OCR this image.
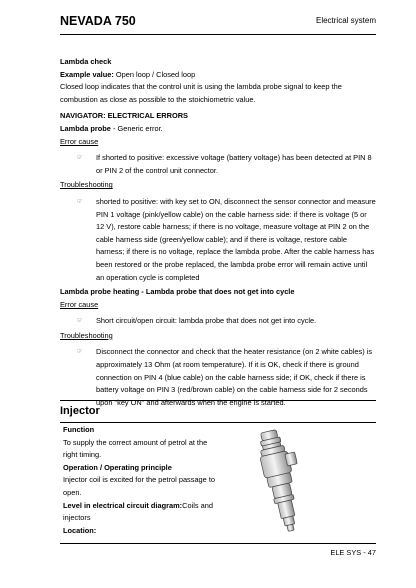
NEVADA 750	Electrical system

Lambda check

Example value: Open loop / Closed loop

Closed loop indicates that the control unit is using the lambda probe signal to keep the combustion as close as possible to the stoichiometric value.

NAVIGATOR: ELECTRICAL ERRORS

Lambda probe - Generic error.

Error cause

☞ If shorted to positive: excessive voltage (battery voltage) has been detected at PIN 8 or PIN 2 of the control unit connector.

Troubleshooting

☞ shorted to positive: with key set to ON, disconnect the sensor connector and measure PIN 1 voltage (pink/yellow cable) on the cable harness side: if there is voltage (5 or 12 V), restore cable harness; if there is no voltage, measure voltage at PIN 2 on the cable harness side (green/yellow cable); and if there is voltage, restore cable harness; if there is no voltage, replace the lambda probe. After the cable harness has been restored or the probe replaced, the lambda probe error will remain active until an operation cycle is completed

Lambda probe heating - Lambda probe that does not get into cycle

Error cause

☞ Short circuit/open circuit: lambda probe that does not get into cycle.

Troubleshooting

☞ Disconnect the connector and check that the heater resistance (on 2 white cables) is approximately 13 Ohm (at room temperature). If it is OK, check if there is ground connection on PIN 4 (blue cable) on the cable harness side; if OK, check if there is battery voltage on PIN 3 (red/brown cable) on the cable harness side for 2 seconds upon "key ON" and afterwards when the engine is started.
Injector

Function

To supply the correct amount of petrol at the right timing.

Operation / Operating principle

Injector coil is excited for the petrol passage to open.

Level in electrical circuit diagram:Coils and injectors

Location:

ELE SYS - 47
